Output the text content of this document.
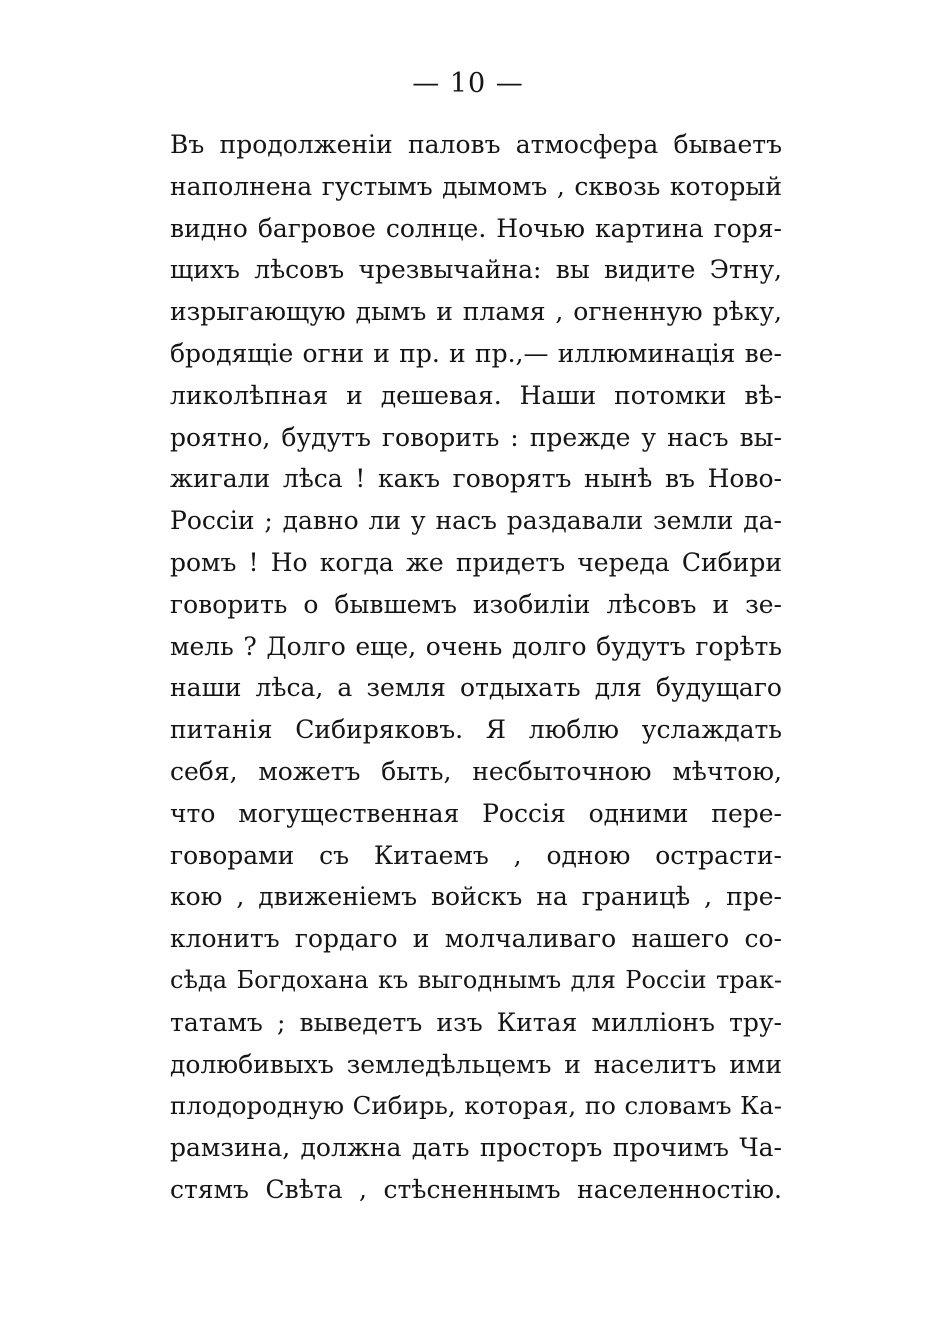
— 10 —
Въ продолженіи паловъ атмосфера бываетъ
наполнена густымъ дымомъ , сквозь который
видно багровое солнце. Ночью картина горя-
щихъ лѣсовъ чрезвычайна: вы видите Этну,
изрыгающую дымъ и пламя , огненную рѣку,
бродящіе огни и пр. и пр.,— иллюминація ве-
ликолѣпная и дешевая. Наши потомки вѣ-
роятно, будутъ говорить : прежде у насъ вы-
жигали лѣса ! какъ говорятъ нынѣ въ Ново-
Россіи ; давно ли у насъ раздавали земли да-
ромъ ! Но когда же придетъ череда Сибири
говорить о бывшемъ изобиліи лѣсовъ и зе-
мель ? Долго еще, очень долго будутъ горѣть
наши лѣса, а земля отдыхать для будущаго
питанія Сибиряковъ. Я люблю услаждать
себя, можетъ быть, несбыточною мѣчтою,
что могущественная Россія одними пере-
говорами съ Китаемъ , одною острасти-
кою , движеніемъ войскъ на границѣ , пре-
клонитъ гордаго и молчаливаго нашего со-
сѣда Богдохана къ выгоднымъ для Россіи трак-
татамъ ; выведетъ изъ Китая милліонъ тру-
долюбивыхъ земледѣльцемъ и населитъ ими
плодородную Сибирь, которая, по словамъ Ка-
рамзина, должна дать просторъ прочимъ Ча-
стямъ Свѣта , стѣсненнымъ населенностію.
